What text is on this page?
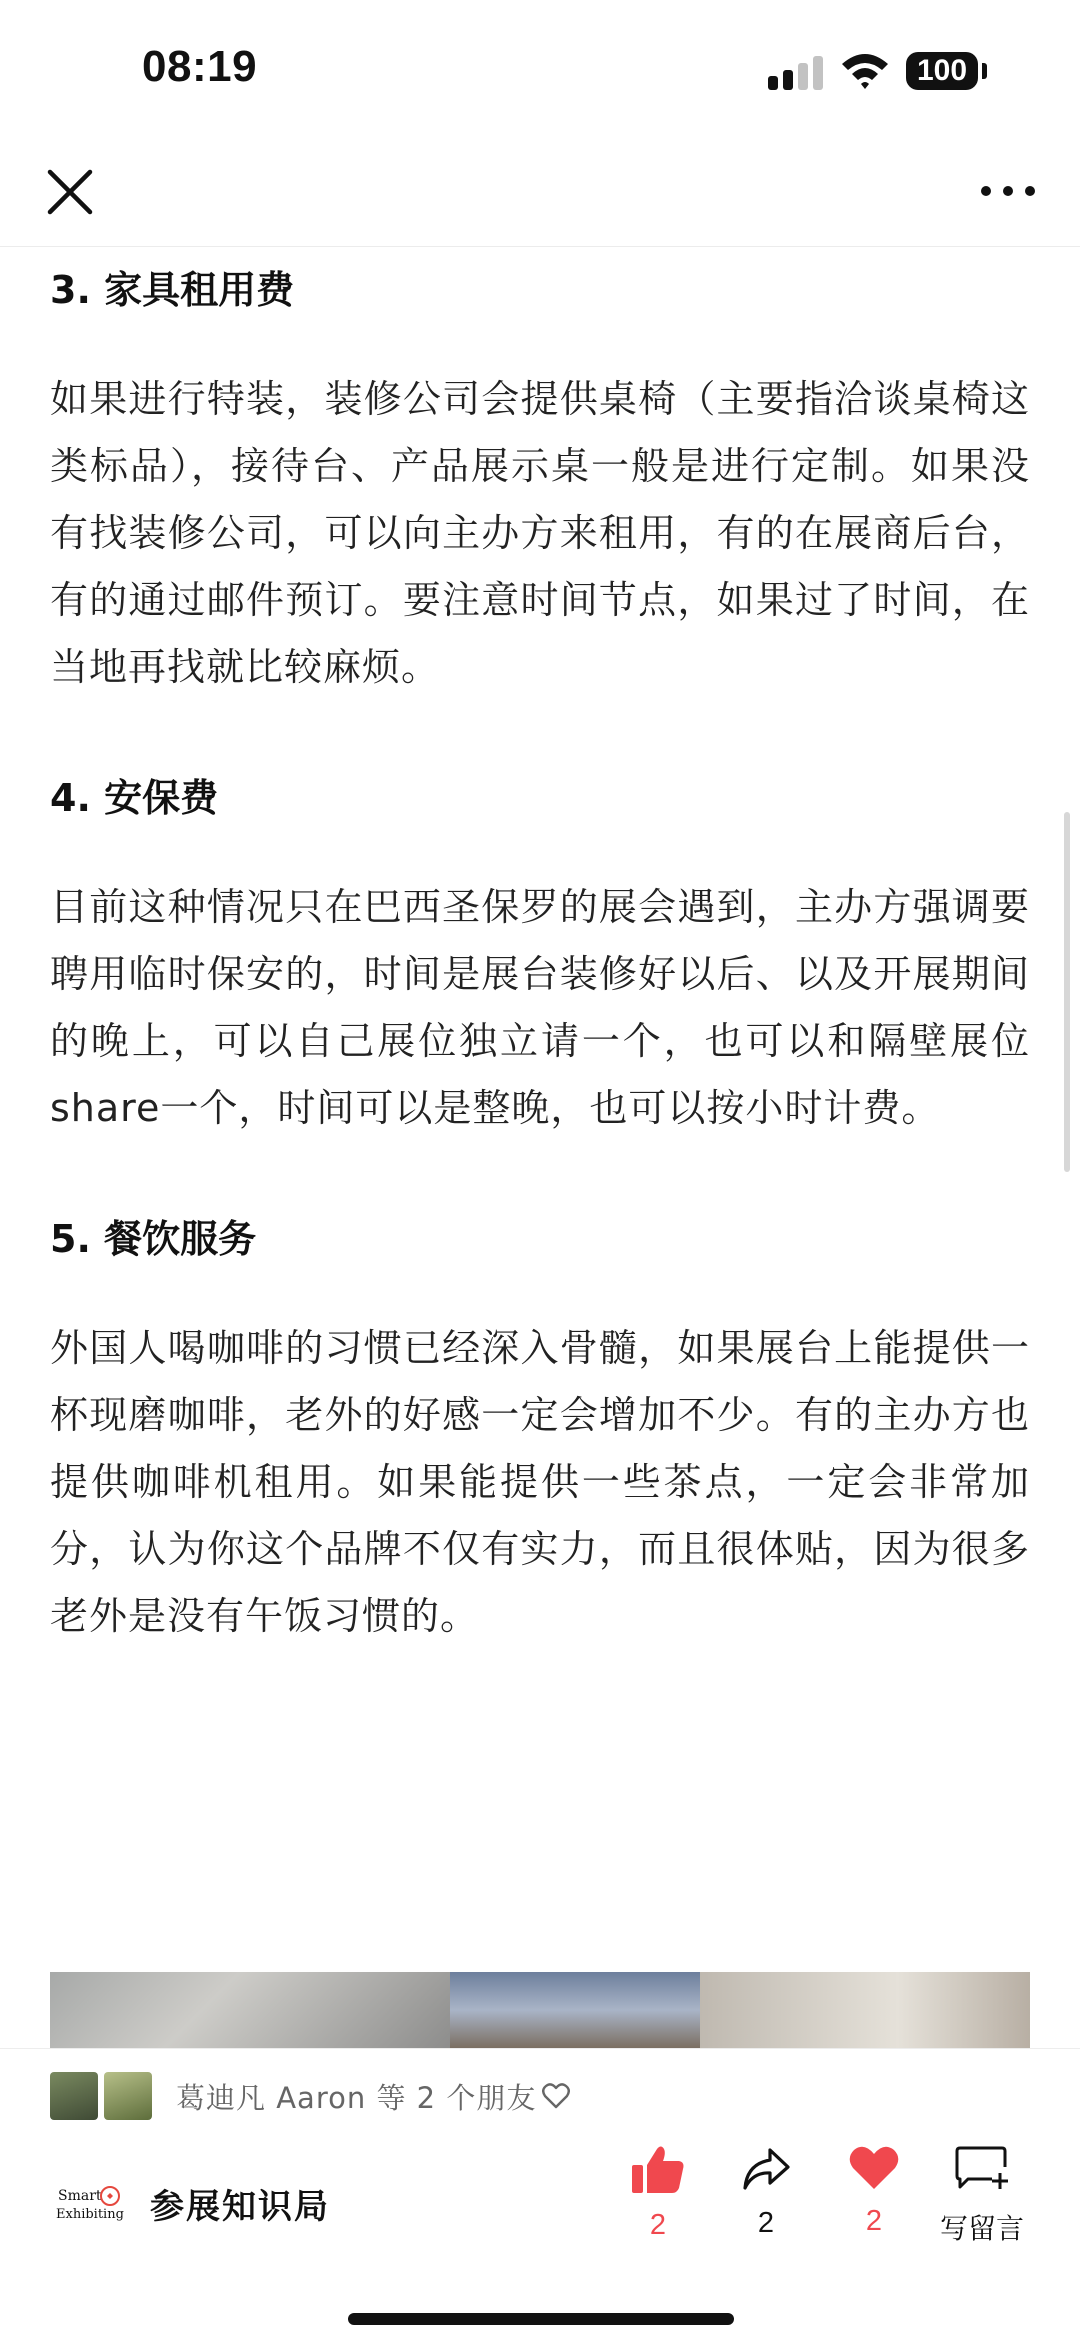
08:19	100
3. 家具租用费
如果进行特装，装修公司会提供桌椅（主要指洽谈桌椅这类标品），接待台、产品展示桌一般是进行定制。如果没有找装修公司，可以向主办方来租用，有的在展商后台，有的通过邮件预订。要注意时间节点，如果过了时间，在当地再找就比较麻烦。
4. 安保费
目前这种情况只在巴西圣保罗的展会遇到，主办方强调要聘用临时保安的，时间是展台装修好以后、以及开展期间的晚上，可以自己展位独立请一个，也可以和隔壁展位share一个，时间可以是整晚，也可以按小时计费。
5. 餐饮服务
外国人喝咖啡的习惯已经深入骨髓，如果展台上能提供一杯现磨咖啡，老外的好感一定会增加不少。有的主办方也提供咖啡机租用。如果能提供一些茶点，一定会非常加分，认为你这个品牌不仅有实力，而且很体贴，因为很多老外是没有午饭习惯的。
葛迪凡 Aaron 等 2 个朋友
Smart
Exhibiting 参展知识局	2	2	2	写留言
